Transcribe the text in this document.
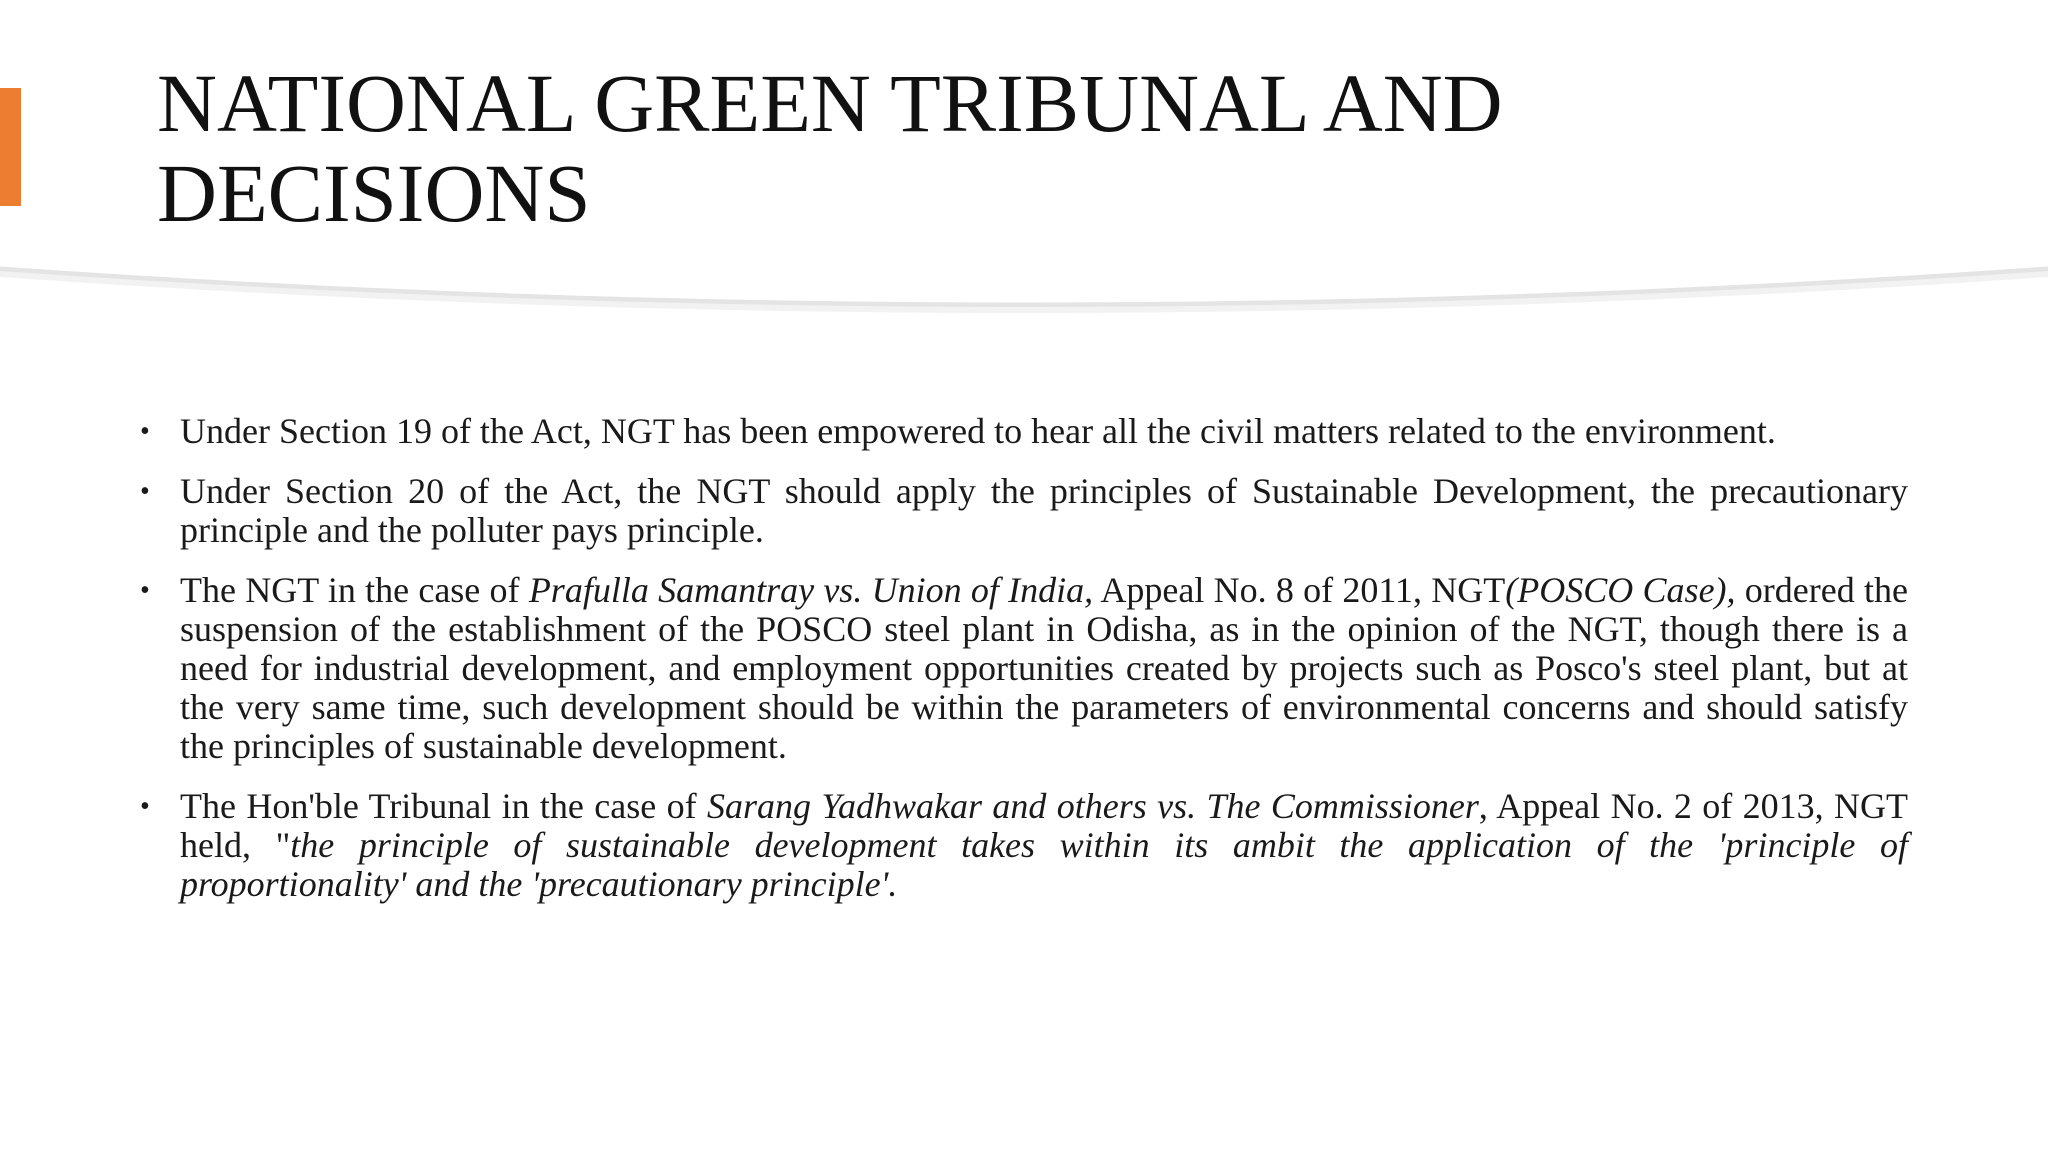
NATIONAL GREEN TRIBUNAL AND DECISIONS
• Under Section 19 of the Act, NGT has been empowered to hear all the civil matters related to the environment.
• Under Section 20 of the Act, the NGT should apply the principles of Sustainable Development, the precautionary principle and the polluter pays principle.
• The NGT in the case of Prafulla Samantray vs. Union of India, Appeal No. 8 of 2011, NGT(POSCO Case), ordered the suspension of the establishment of the POSCO steel plant in Odisha, as in the opinion of the NGT, though there is a need for industrial development, and employment opportunities created by projects such as Posco's steel plant, but at the very same time, such development should be within the parameters of environmental concerns and should satisfy the principles of sustainable development.
• The Hon'ble Tribunal in the case of Sarang Yadhwakar and others vs. The Commissioner, Appeal No. 2 of 2013, NGT held, "the principle of sustainable development takes within its ambit the application of the 'principle of proportionality' and the 'precautionary principle'.
